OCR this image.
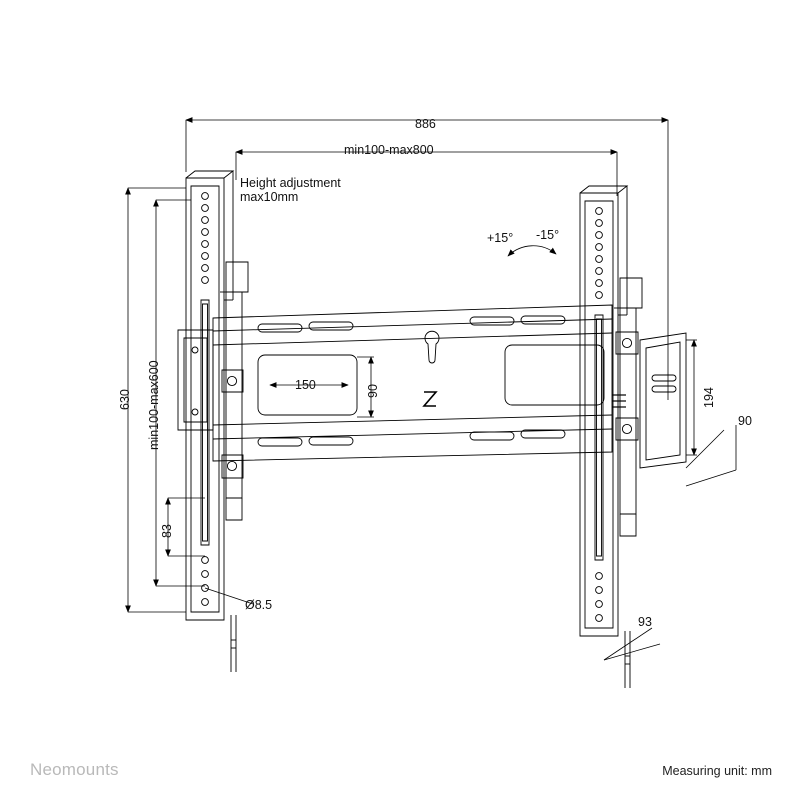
886
min100-max800
Height adjustment
max10mm
+15° -15°
630 min100-max600
83
Ø8.5
150	90	194
90
93
Neomounts	Measuring unit: mm
